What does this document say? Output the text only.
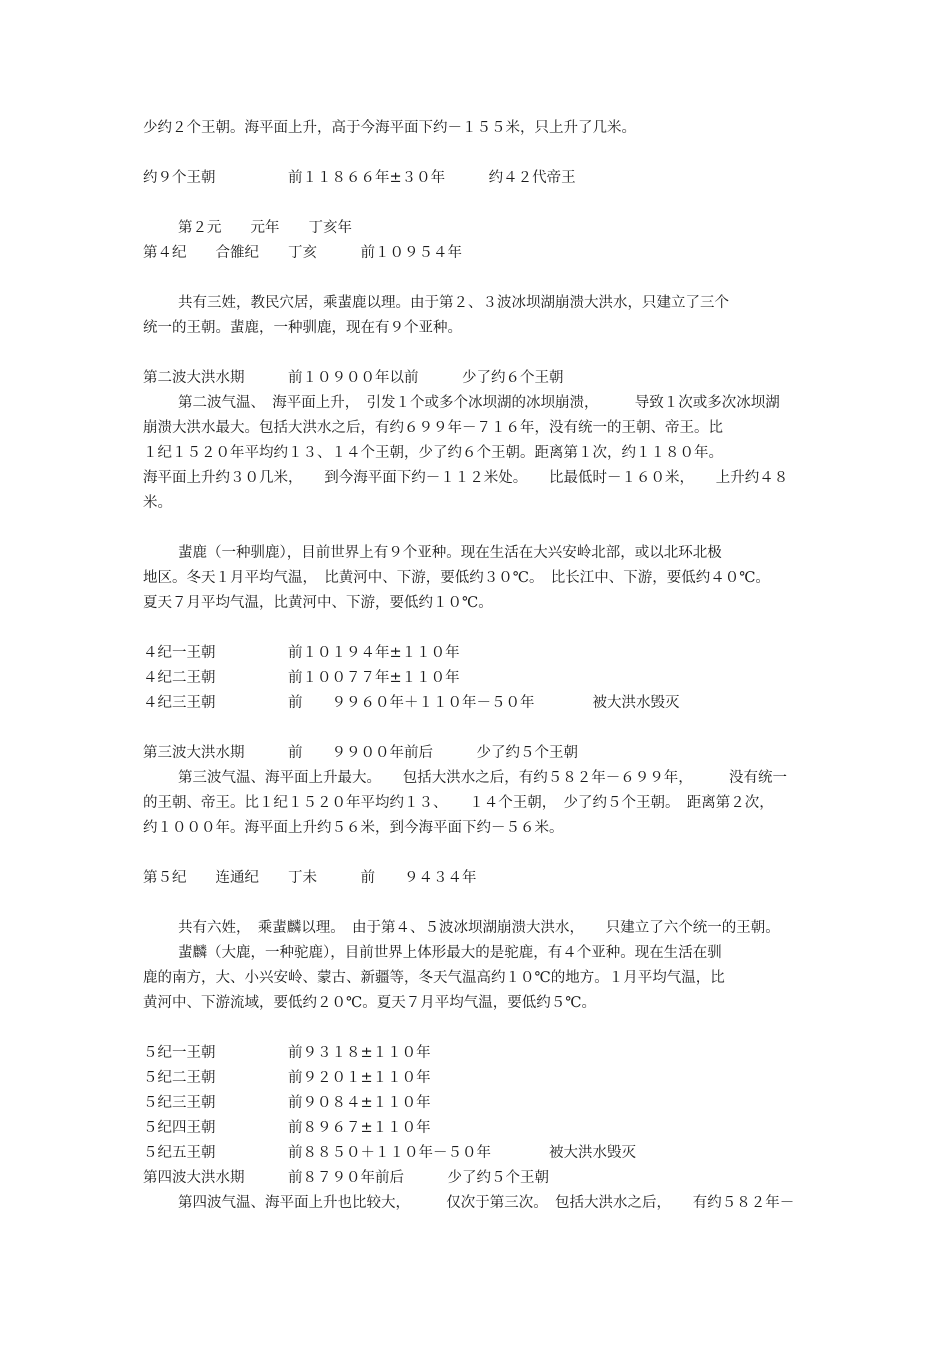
少约２个王朝。海平面上升，高于今海平面下约－１５５米，只上升了几米。
约９个王朝　　　　　前１１８６６年±３０年　　　约４２代帝王
第２元　　元年　　丁亥年
第４纪　　合雒纪　　丁亥　　　前１０９５４年
共有三姓，教民穴居，乘蜚鹿以理。由于第２、３波冰坝湖崩溃大洪水，只建立了三个
统一的王朝。蜚鹿，一种驯鹿，现在有９个亚种。
第二波大洪水期　　　前１０９００年以前　　　少了约６个王朝
第二波气温、　海平面上升，　引发１个或多个冰坝湖的冰坝崩溃，　　　导致１次或多次冰坝湖
崩溃大洪水最大。包括大洪水之后，有约６９９年－７１６年，没有统一的王朝、帝王。比
１纪１５２０年平均约１３、１４个王朝，少了约６个王朝。距离第１次，约１１８０年。
海平面上升约３０几米，　　到今海平面下约－１１２米处。　　比最低时－１６０米，　　上升约４８
米。
蜚鹿（一种驯鹿），目前世界上有９个亚种。现在生活在大兴安岭北部，或以北环北极
地区。冬天１月平均气温，　比黄河中、下游，要低约３０℃。　比长江中、下游，要低约４０℃。
夏天７月平均气温，比黄河中、下游，要低约１０℃。
４纪一王朝　　　　　前１０１９４年±１１０年
４纪二王朝　　　　　前１００７７年±１１０年
４纪三王朝　　　　　前　　９９６０年＋１１０年－５０年　　　　被大洪水毁灭
第三波大洪水期　　　前　　９９００年前后　　　少了约５个王朝
第三波气温、海平面上升最大。　　包括大洪水之后，有约５８２年－６９９年，　　　没有统一
的王朝、帝王。比１纪１５２０年平均约１３、　　１４个王朝，　少了约５个王朝。　距离第２次，
约１０００年。海平面上升约５６米，到今海平面下约－５６米。
第５纪　　连通纪　　丁未　　　前　　９４３４年
共有六姓，　乘蜚麟以理。　由于第４、５波冰坝湖崩溃大洪水，　　只建立了六个统一的王朝。
蜚麟（大鹿，一种驼鹿），目前世界上体形最大的是驼鹿，有４个亚种。现在生活在驯
鹿的南方，大、小兴安岭、蒙古、新疆等，冬天气温高约１０℃的地方。１月平均气温，比
黄河中、下游流域，要低约２０℃。夏天７月平均气温，要低约５℃。
５纪一王朝　　　　　前９３１８±１１０年
５纪二王朝　　　　　前９２０１±１１０年
５纪三王朝　　　　　前９０８４±１１０年
５纪四王朝　　　　　前８９６７±１１０年
５纪五王朝　　　　　前８８５０＋１１０年－５０年　　　　被大洪水毁灭
第四波大洪水期　　　前８７９０年前后　　　少了约５个王朝
第四波气温、海平面上升也比较大，　　　仅次于第三次。　包括大洪水之后，　　有约５８２年－
